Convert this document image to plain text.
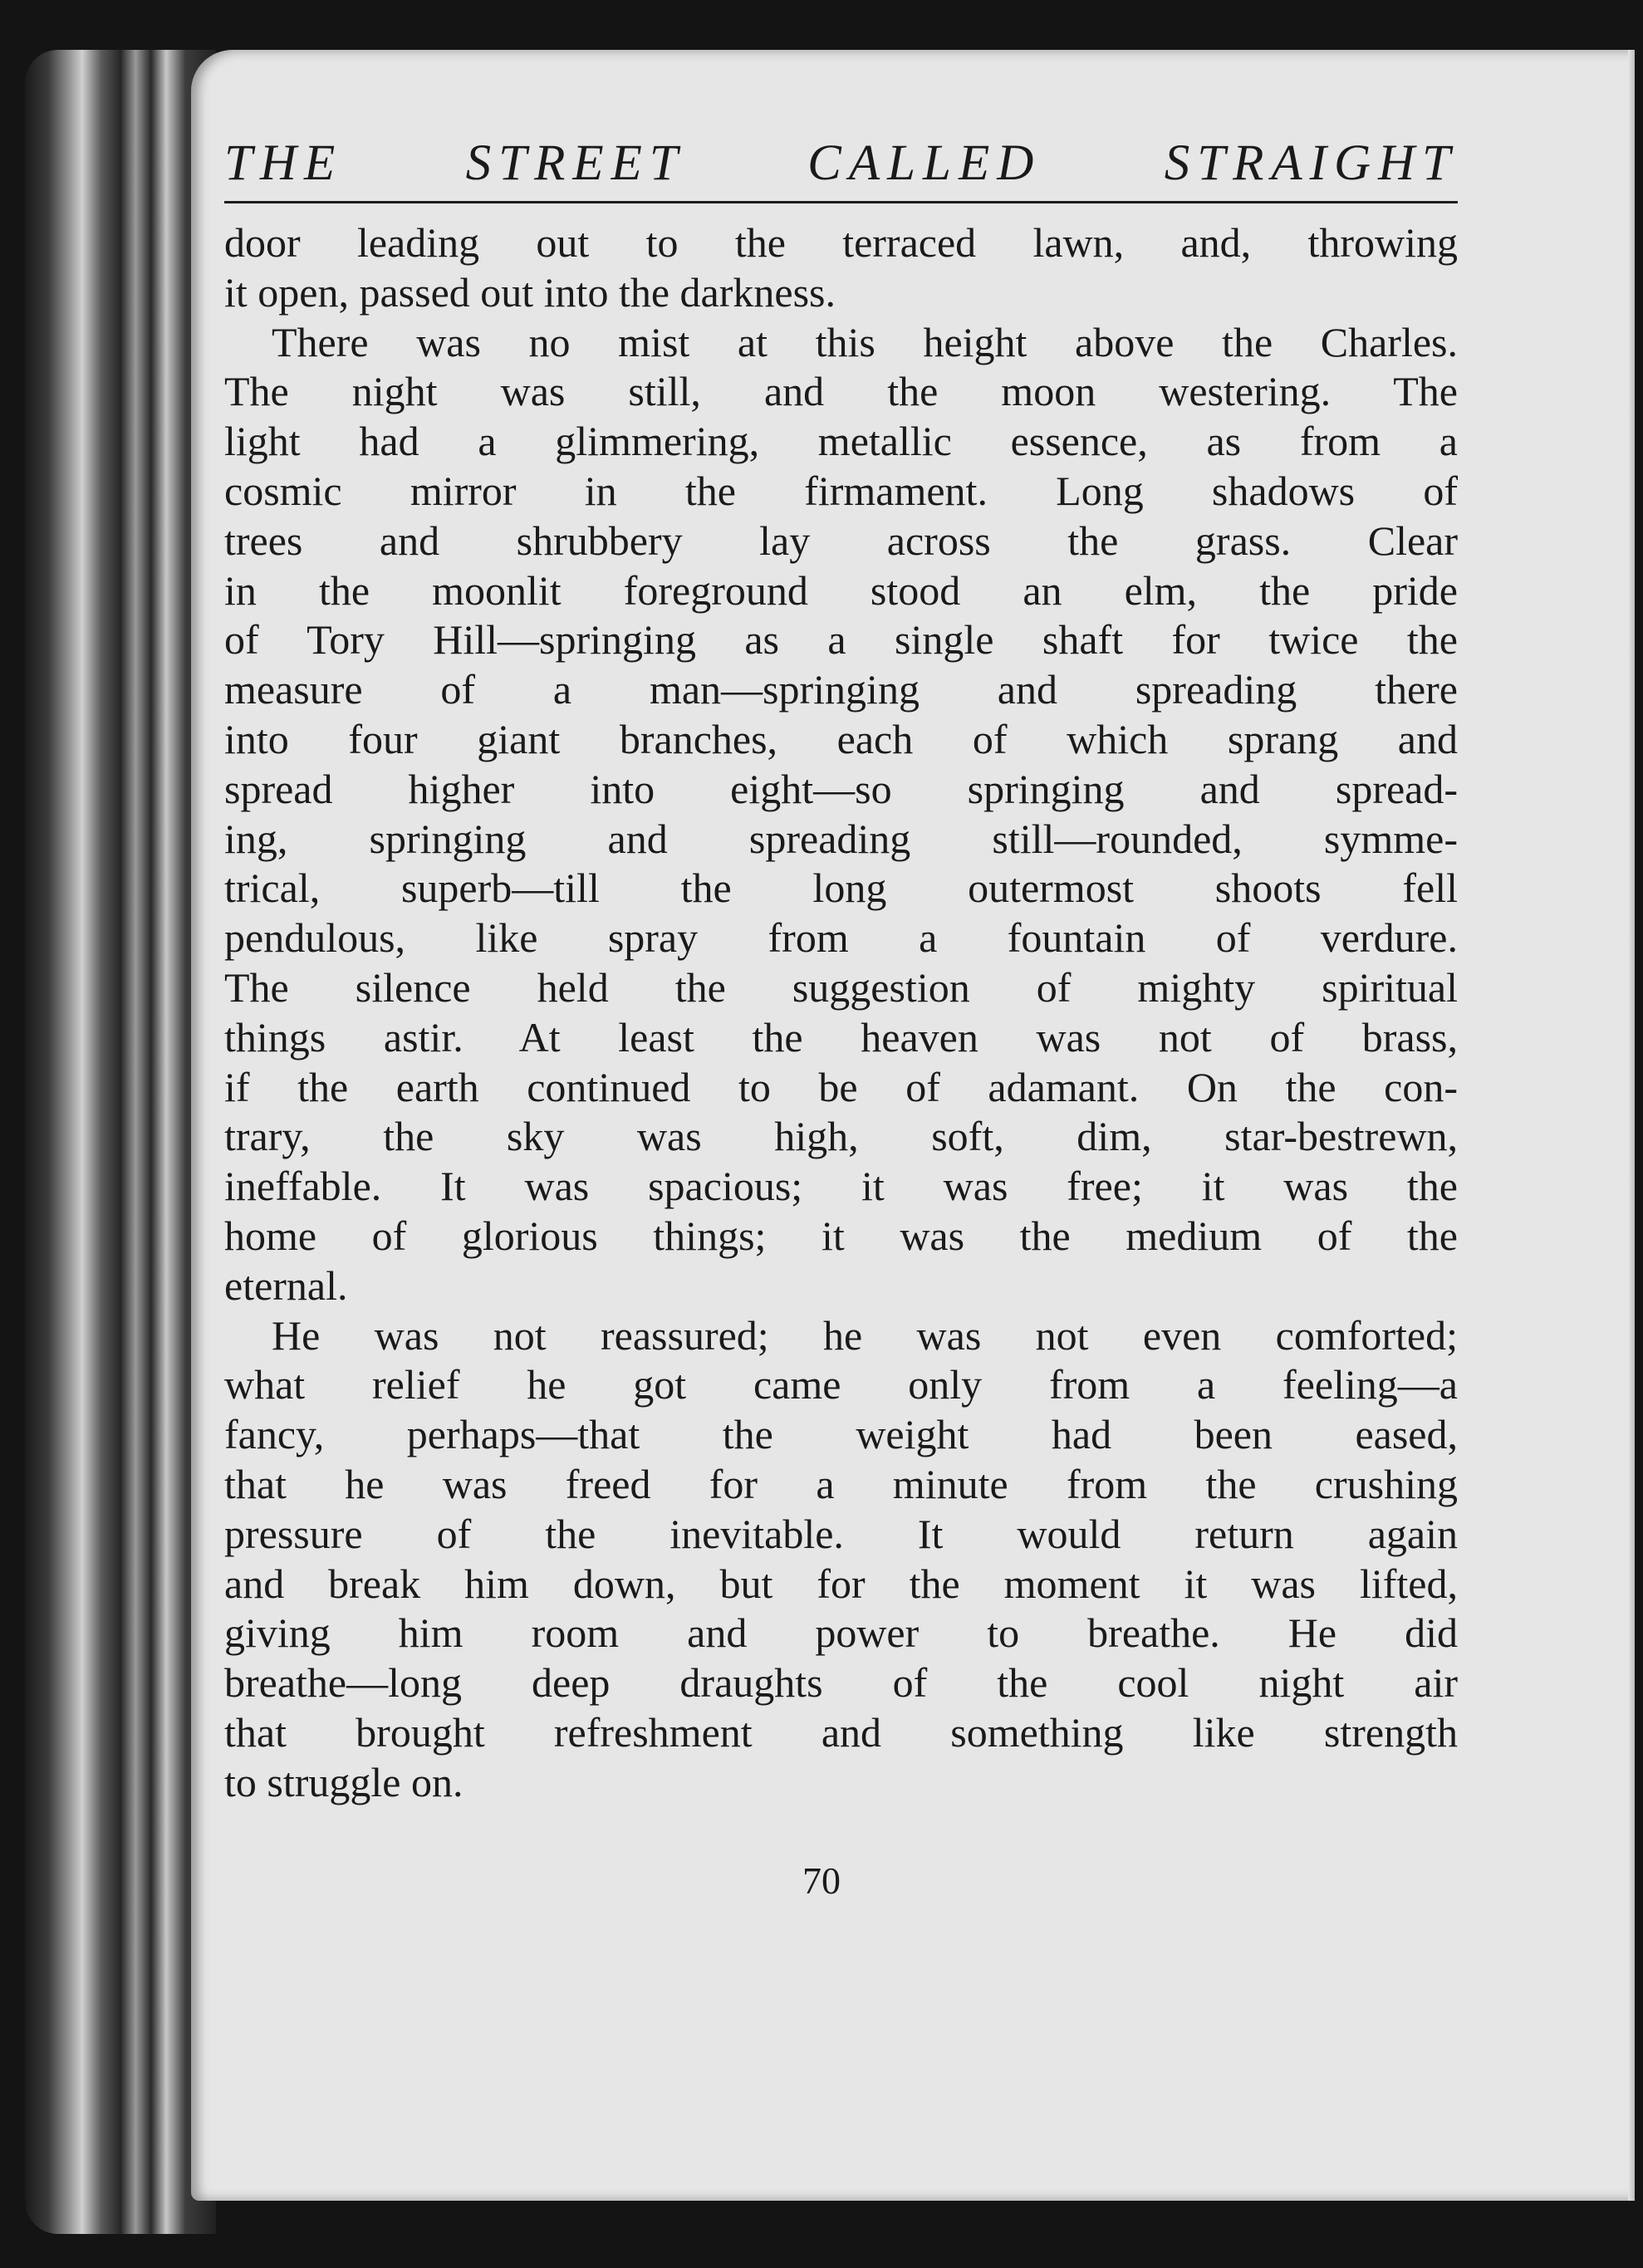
THE STREET CALLED STRAIGHT
door leading out to the terraced lawn, and, throwing
it open, passed out into the darkness.
There was no mist at this height above the Charles.
The night was still, and the moon westering. The
light had a glimmering, metallic essence, as from a
cosmic mirror in the firmament. Long shadows of
trees and shrubbery lay across the grass. Clear
in the moonlit foreground stood an elm, the pride
of Tory Hill—springing as a single shaft for twice the
measure of a man—springing and spreading there
into four giant branches, each of which sprang and
spread higher into eight—so springing and spread-
ing, springing and spreading still—rounded, symme-
trical, superb—till the long outermost shoots fell
pendulous, like spray from a fountain of verdure.
The silence held the suggestion of mighty spiritual
things astir. At least the heaven was not of brass,
if the earth continued to be of adamant. On the con-
trary, the sky was high, soft, dim, star-bestrewn,
ineffable. It was spacious; it was free; it was the
home of glorious things; it was the medium of the
eternal.
He was not reassured; he was not even comforted;
what relief he got came only from a feeling—a
fancy, perhaps—that the weight had been eased,
that he was freed for a minute from the crushing
pressure of the inevitable. It would return again
and break him down, but for the moment it was lifted,
giving him room and power to breathe. He did
breathe—long deep draughts of the cool night air
that brought refreshment and something like strength
to struggle on.
70
